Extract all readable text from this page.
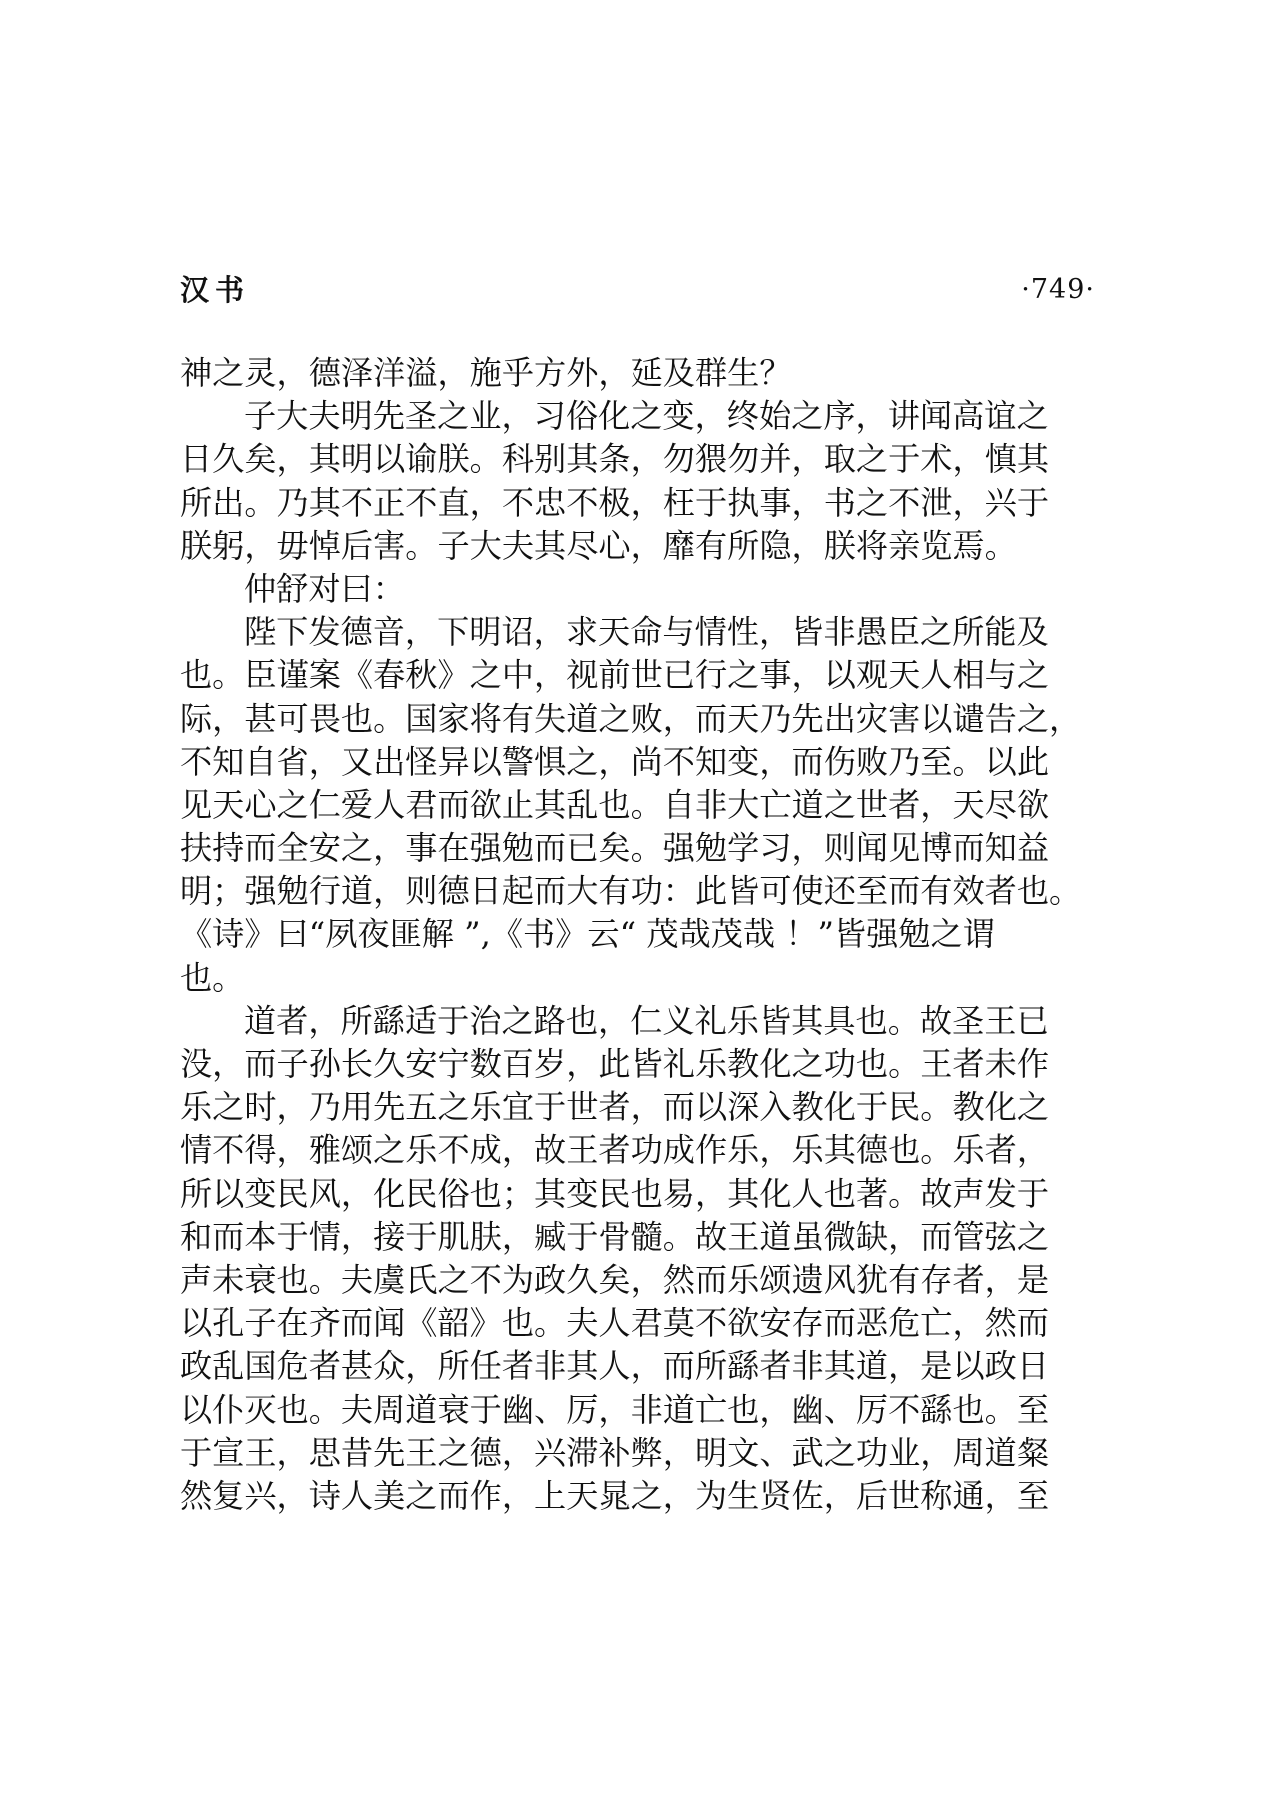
汉书	·749·
神之灵，德泽洋溢，施乎方外，延及群生？
子大夫明先圣之业，习俗化之变，终始之序，讲闻高谊之
日久矣，其明以谕朕。科别其条，勿猥勿并，取之于术，慎其
所出。乃其不正不直，不忠不极，枉于执事，书之不泄，兴于
朕躬，毋悼后害。子大夫其尽心，靡有所隐，朕将亲览焉。
仲舒对曰：
陛下发德音，下明诏，求天命与情性，皆非愚臣之所能及
也。臣谨案《春秋》之中，视前世已行之事，以观天人相与之
际，甚可畏也。国家将有失道之败，而天乃先出灾害以谴告之，
不知自省，又出怪异以警惧之，尚不知变，而伤败乃至。以此
见天心之仁爱人君而欲止其乱也。自非大亡道之世者，天尽欲
扶持而全安之，事在强勉而已矣。强勉学习，则闻见博而知益
明；强勉行道，则德日起而大有功：此皆可使还至而有效者也。
《诗》曰“夙夜匪解 ”,《书》云“ 茂哉茂哉 ！”皆强勉之谓
也。
道者，所繇适于治之路也，仁义礼乐皆其具也。故圣王已
没，而子孙长久安宁数百岁，此皆礼乐教化之功也。王者未作
乐之时，乃用先五之乐宜于世者，而以深入教化于民。教化之
情不得，雅颂之乐不成，故王者功成作乐，乐其德也。乐者，
所以变民风，化民俗也；其变民也易，其化人也著。故声发于
和而本于情，接于肌肤，臧于骨髓。故王道虽微缺，而管弦之
声未衰也。夫虞氏之不为政久矣，然而乐颂遗风犹有存者，是
以孔子在齐而闻《韶》也。夫人君莫不欲安存而恶危亡，然而
政乱国危者甚众，所任者非其人，而所繇者非其道，是以政日
以仆灭也。夫周道衰于幽、厉，非道亡也，幽、厉不繇也。至
于宣王，思昔先王之德，兴滞补弊，明文、武之功业，周道粲
然复兴，诗人美之而作，上天晁之，为生贤佐，后世称通，至
